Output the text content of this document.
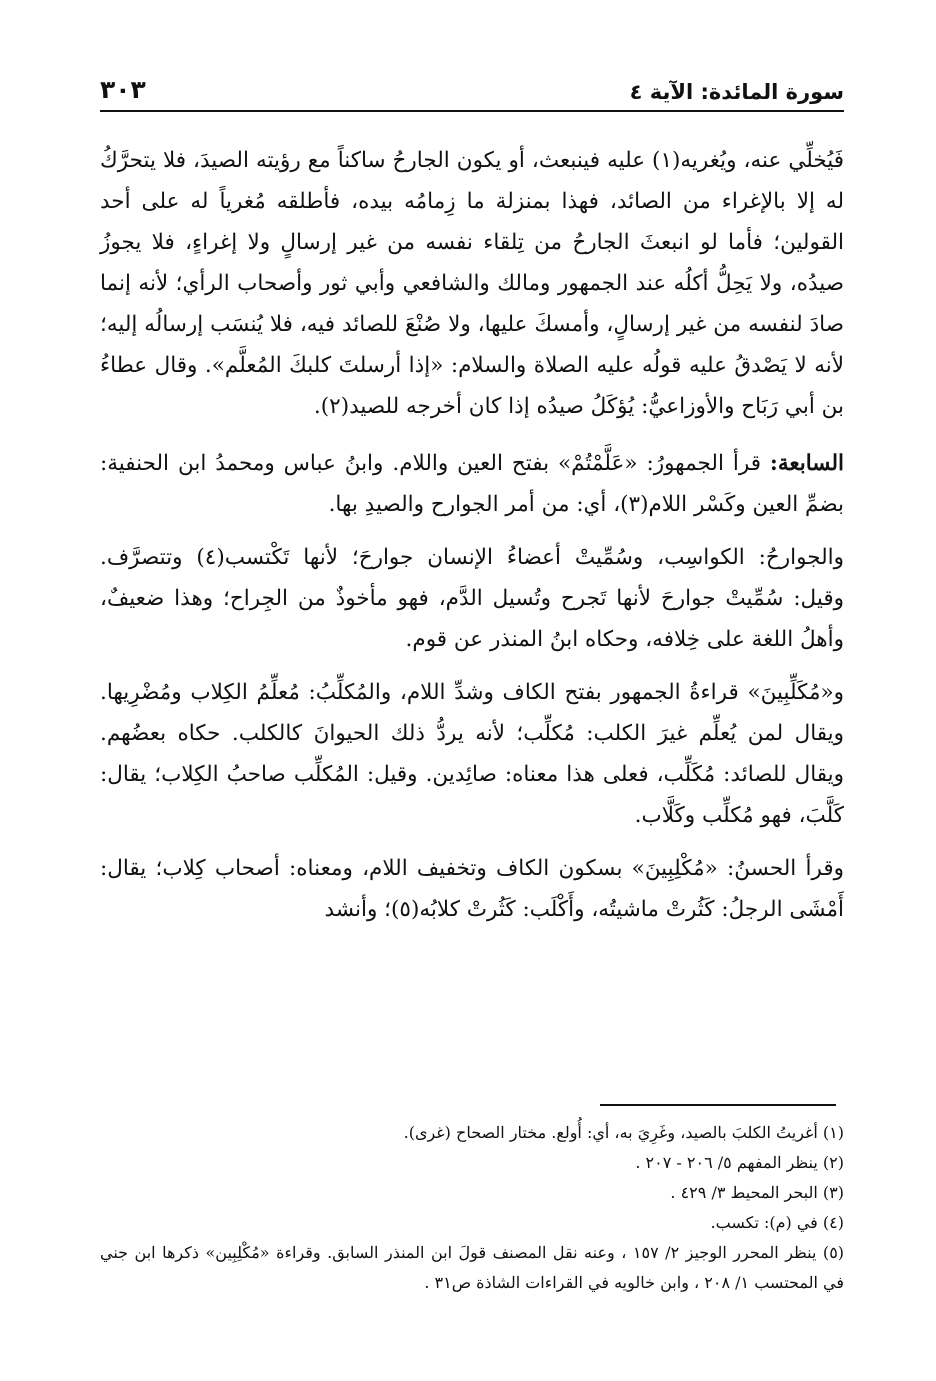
سورة المائدة: الآية ٤
٣٠٣

فَيُخلِّي عنه، ويُغريه(١) عليه فينبعث، أو يكون الجارحُ ساكناً مع رؤيته الصيدَ، فلا يتحرَّكُ له إلا بالإغراء من الصائد، فهذا بمنزلة ما زِمامُه بيده، فأطلقه مُغرياً له على أحد القولين؛ فأما لو انبعثَ الجارحُ من تِلقاء نفسه من غير إرسالٍ ولا إغراءٍ، فلا يجوزُ صيدُه، ولا يَحِلُّ أكلُه عند الجمهور ومالك والشافعي وأبي ثور وأصحاب الرأي؛ لأنه إنما صادَ لنفسه من غير إرسالٍ، وأمسكَ عليها، ولا صُنْعَ للصائد فيه، فلا يُنسَب إرسالُه إليه؛ لأنه لا يَصْدقُ عليه قولُه عليه الصلاة والسلام: «إذا أرسلتَ كلبكَ المُعلَّم». وقال عطاءُ بن أبي رَبَاح والأوزاعيُّ: يُؤكَلُ صيدُه إذا كان أخرجه للصيد(٢).

السابعة: قرأ الجمهورُ: «عَلَّمْتُمْ» بفتح العين واللام. وابنُ عباس ومحمدُ ابن الحنفية: بضمِّ العين وكَسْر اللام(٣)، أي: من أمر الجوارح والصيدِ بها.

والجوارحُ: الكواسِب، وسُمِّيتْ أعضاءُ الإنسان جوارحَ؛ لأنها تَكْتسب(٤) وتتصرَّف. وقيل: سُمِّيتْ جوارحَ لأنها تَجرح وتُسيل الدَّم، فهو مأخوذٌ من الجِراح؛ وهذا ضعيفٌ، وأهلُ اللغة على خِلافه، وحكاه ابنُ المنذر عن قوم.

و«مُكَلِّبِينَ» قراءةُ الجمهور بفتح الكاف وشدِّ اللام، والمُكلِّبُ: مُعلِّمُ الكِلاب ومُضْرِيها. ويقال لمن يُعلِّم غيرَ الكلب: مُكلِّب؛ لأنه يردُّ ذلك الحيوانَ كالكلب. حكاه بعضُهم. ويقال للصائد: مُكَلِّب، فعلى هذا معناه: صائِدين. وقيل: المُكلِّب صاحبُ الكِلاب؛ يقال: كَلَّبَ، فهو مُكلِّب وكَلَّاب.

وقرأ الحسنُ: «مُكْلِبِينَ» بسكون الكاف وتخفيف اللام، ومعناه: أصحاب كِلاب؛ يقال: أَمْشَى الرجلُ: كَثُرتْ ماشيتُه، وأَكْلَب: كَثُرتْ كلابُه(٥)؛ وأنشد

(١) أغريتُ الكلبَ بالصيد، وغَرِيَ به، أي: أُولع. مختار الصحاح (غرى).
(٢) ينظر المفهم ٥/ ٢٠٦ - ٢٠٧ .
(٣) البحر المحيط ٣/ ٤٢٩ .
(٤) في (م): تكسب.
(٥) ينظر المحرر الوجيز ٢/ ١٥٧ ، وعنه نقل المصنف قولَ ابن المنذر السابق. وقراءة «مُكْلِبِين» ذكرها ابن جني في المحتسب ١/ ٢٠٨ ، وابن خالويه في القراءات الشاذة ص٣١ .
